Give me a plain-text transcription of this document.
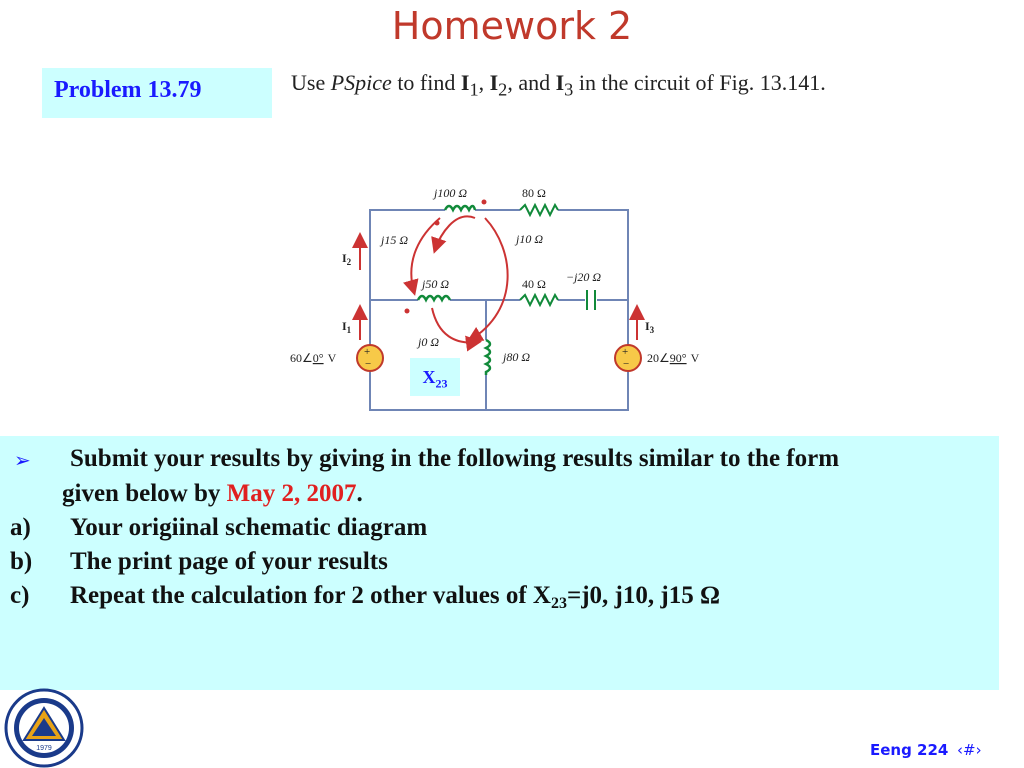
Homework 2
Problem 13.79	Use PSpice to find $I_1$, $I_2$, and $I_3$ in the circuit of Fig. 13.141.
+
−
+
−
j100 Ω	80 Ω
j15 Ω	j10 Ω
j50 Ω	40 Ω −j20 Ω
j0 Ω
j80 Ω
$I_2$
$I_1$	$I_3$
60∠0° V	20∠90° V
$X_{23}$
➢ Submit your results by giving in the following results similar to the form
given below by May 2, 2007.
a) Your origiinal schematic diagram
b) The print page of your results
c) Repeat the calculation for 2 other values of $X_{23}=j0$, j10, j15 Ω
1979	Eeng 224 ‹#›
